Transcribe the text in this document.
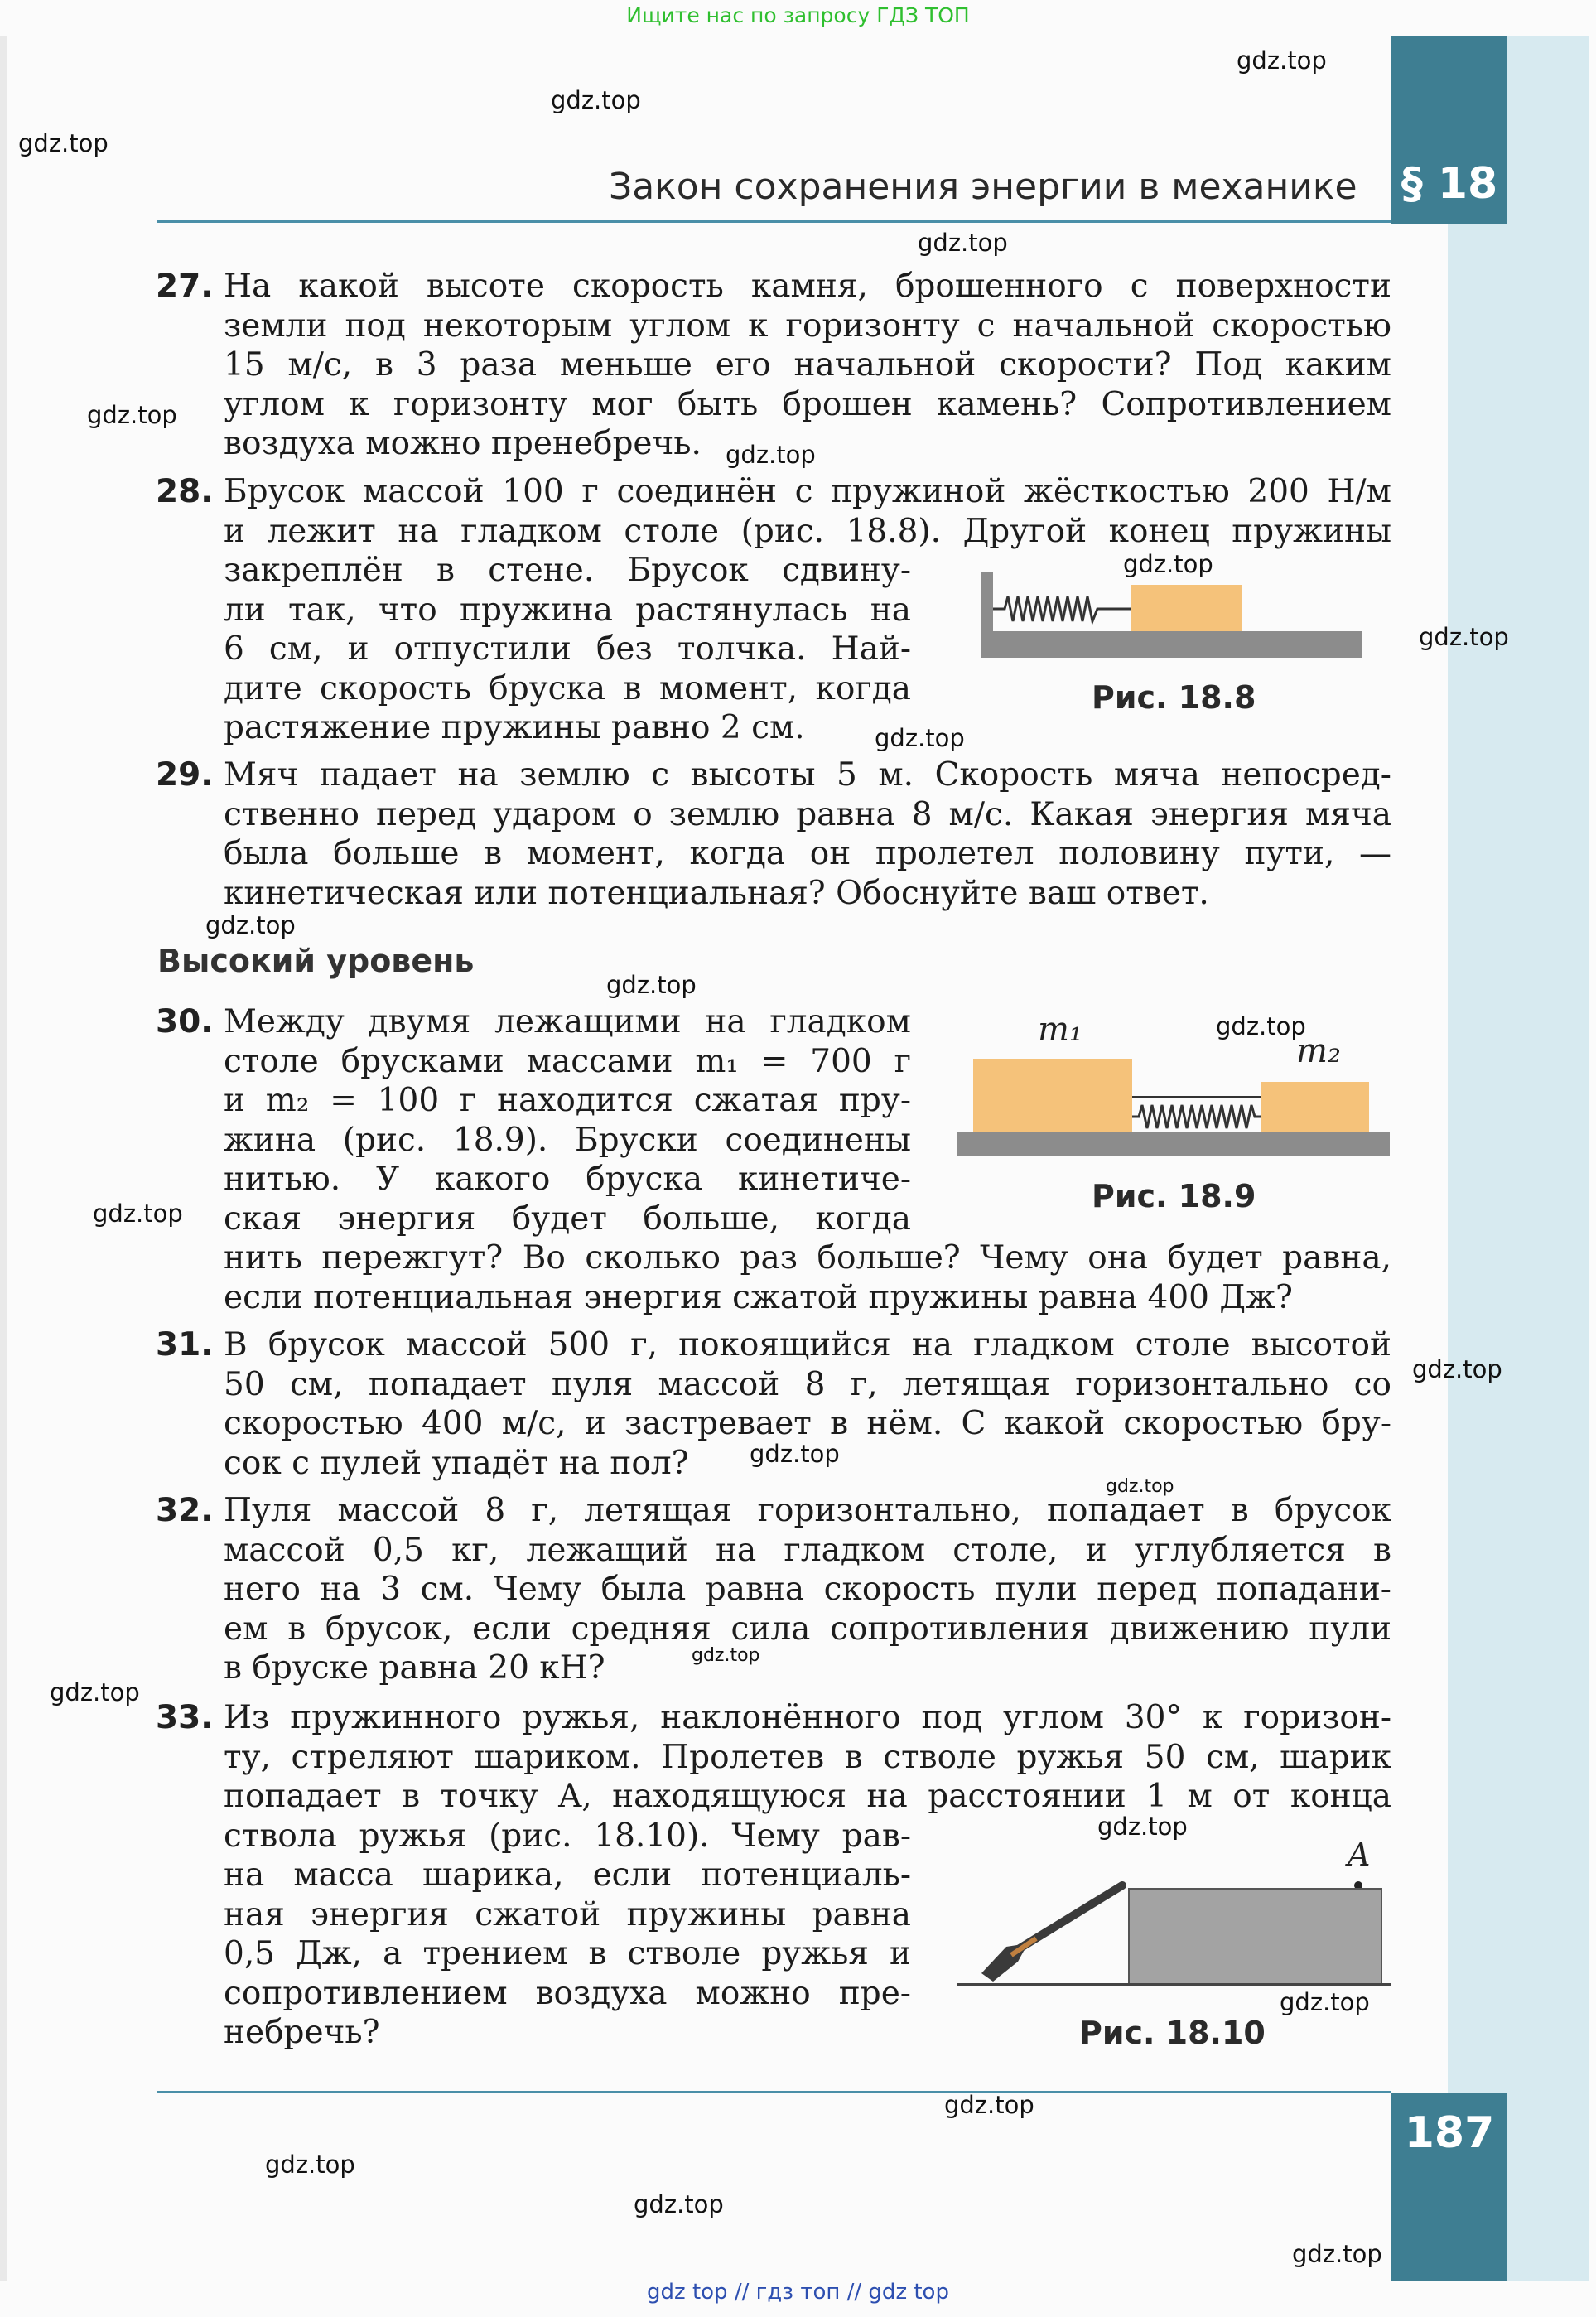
Ищите нас по запросу ГДЗ ТОП
Закон сохранения энергии в механике § 18
27. На какой высоте скорость камня, брошенного с поверхности
земли под некоторым углом к горизонту с начальной скоростью
15 м/с, в 3 раза меньше его начальной скорости? Под каким
углом к горизонту мог быть брошен камень? Сопротивлением
воздуха можно пренебречь.
28. Брусок массой 100 г соединён с пружиной жёсткостью 200 Н/м
и лежит на гладком столе (рис. 18.8). Другой конец пружины
закреплён в стене. Брусок сдвину-
ли так, что пружина растянулась на
6 см, и отпустили без толчка. Най-
дите скорость бруска в момент, когда
растяжение пружины равно 2 см.
Рис. 18.8
29. Мяч падает на землю с высоты 5 м. Скорость мяча непосред-
ственно перед ударом о землю равна 8 м/с. Какая энергия мяча
была больше в момент, когда он пролетел половину пути, —
кинетическая или потенциальная? Обоснуйте ваш ответ.
Высокий уровень
30. Между двумя лежащими на гладком
столе брусками массами m₁ = 700 г
и m₂ = 100 г находится сжатая пру-
жина (рис. 18.9). Бруски соединены
нитью. У какого бруска кинетиче-
ская энергия будет больше, когда
нить пережгут? Во сколько раз больше? Чему она будет равна,
если потенциальная энергия сжатой пружины равна 400 Дж?
m₁
m₂
Рис. 18.9
31. В брусок массой 500 г, покоящийся на гладком столе высотой
50 см, попадает пуля массой 8 г, летящая горизонтально со
скоростью 400 м/с, и застревает в нём. С какой скоростью бру-
сок с пулей упадёт на пол?
32. Пуля массой 8 г, летящая горизонтально, попадает в брусок
массой 0,5 кг, лежащий на гладком столе, и углубляется в
него на 3 см. Чему была равна скорость пули перед попадани-
ем в брусок, если средняя сила сопротивления движению пули
в бруске равна 20 кН?
33. Из пружинного ружья, наклонённого под углом 30° к горизон-
ту, стреляют шариком. Пролетев в стволе ружья 50 см, шарик
попадает в точку A, находящуюся на расстоянии 1 м от конца
ствола ружья (рис. 18.10). Чему рав-
на масса шарика, если потенциаль-
ная энергия сжатой пружины равна
0,5 Дж, а трением в стволе ружья и
сопротивлением воздуха можно пре-
небречь?
A
Рис. 18.10
187
gdz.top
gdz.top
gdz.top
gdz.top
gdz.top
gdz.top
gdz.top
gdz.top
gdz.top
gdz.top
gdz.top
gdz.top
gdz.top
gdz.top
gdz.top
gdz.top
gdz.top
gdz.top
gdz.top
gdz.top
gdz.top
gdz.top
gdz.top
gdz.top
gdz top // гдз топ // gdz top
